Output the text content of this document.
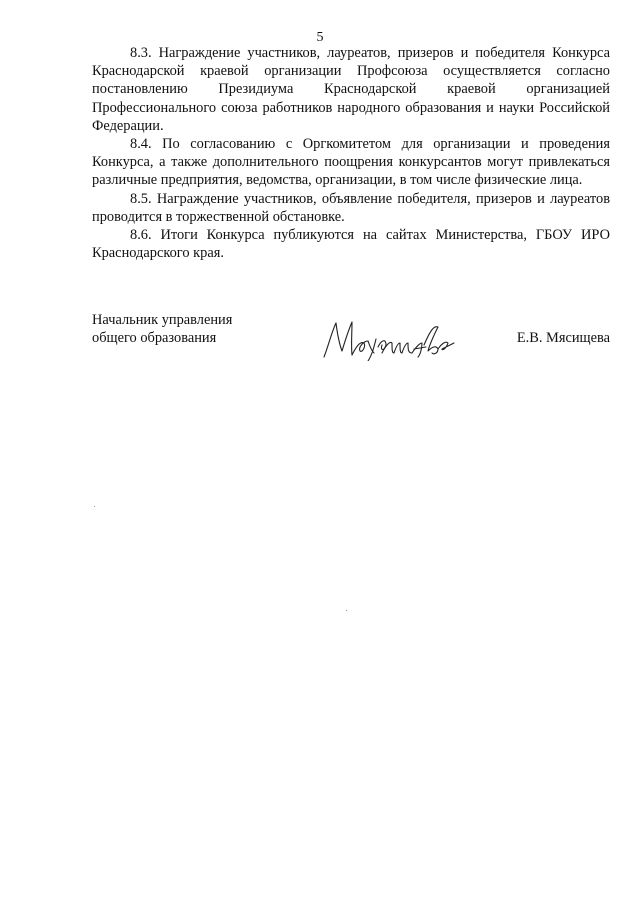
5

8.3. Награждение участников, лауреатов, призеров и победителя Конкурса Краснодарской краевой организации Профсоюза осуществляется согласно постановлению Президиума Краснодарской краевой организацией Профессионального союза работников народного образования и науки Российской Федерации.

8.4. По согласованию с Оргкомитетом для организации и проведения Конкурса, а также дополнительного поощрения конкурсантов могут привлекаться различные предприятия, ведомства, организации, в том числе физические лица.

8.5. Награждение участников, объявление победителя, призеров и лауреатов проводится в торжественной обстановке.

8.6. Итоги Конкурса публикуются на сайтах Министерства, ГБОУ ИРО Краснодарского края.

Начальник управления
общего образования	Е.В. Мясищева
